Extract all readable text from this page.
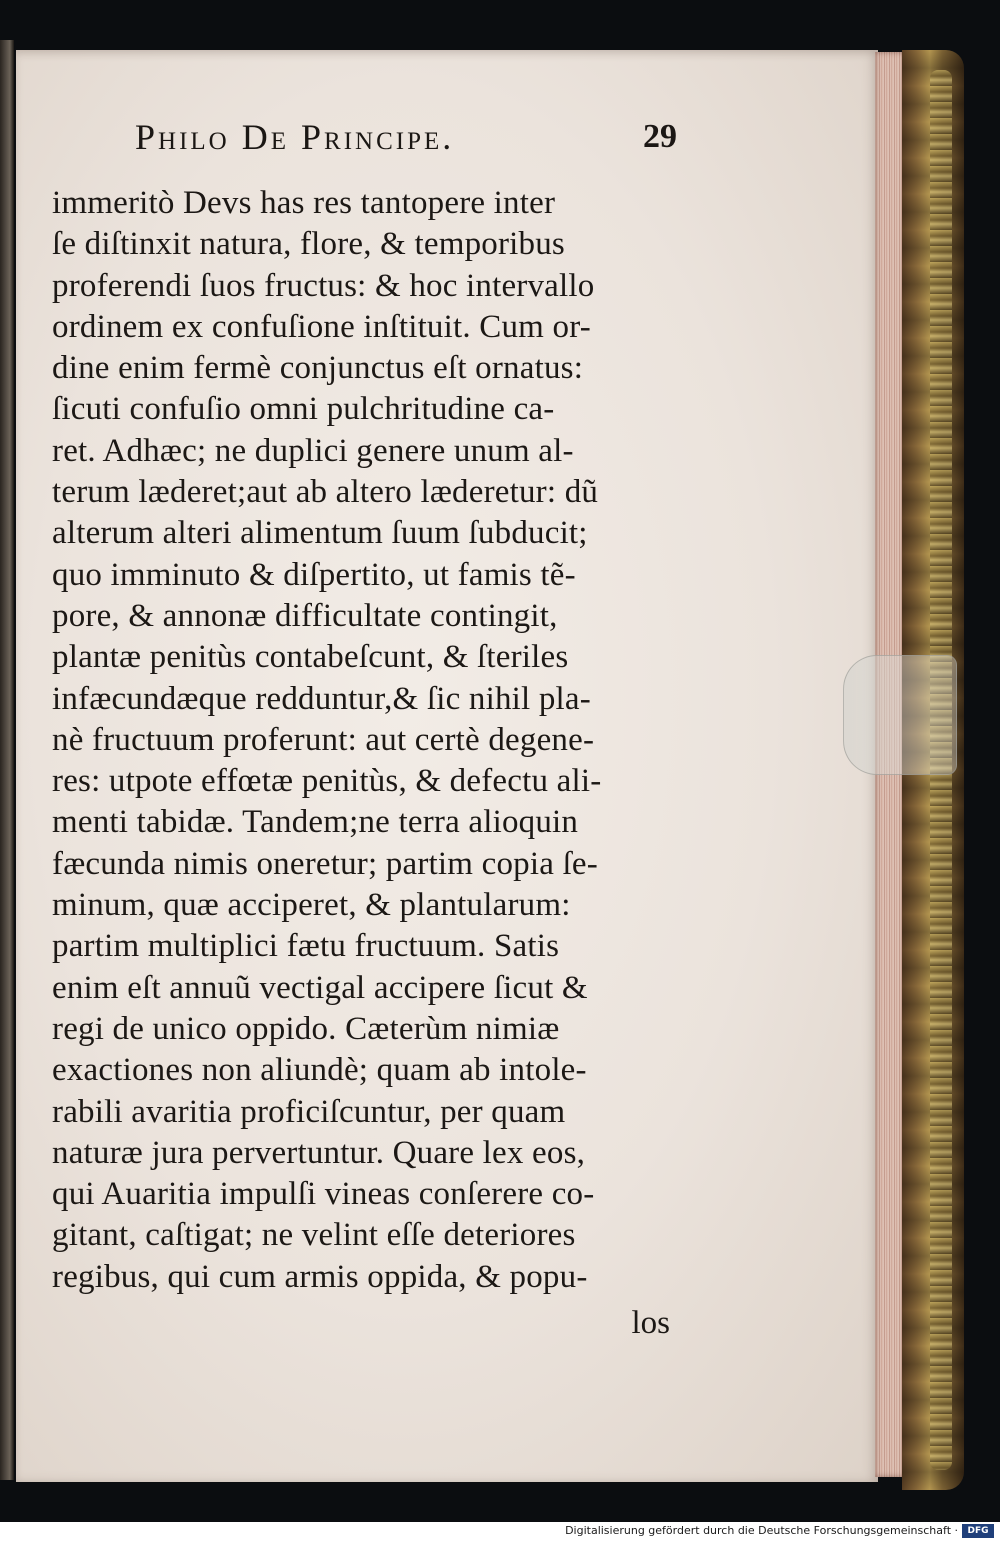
Philo De Principe.	29
immeritò Devs has res tantopere inter
ſe diſtinxit natura, flore, & temporibus
proferendi ſuos fructus: & hoc intervallo
ordinem ex confuſione inſtituit. Cum or-
dine enim fermè conjunctus eſt ornatus:
ſicuti confuſio omni pulchritudine ca-
ret. Adhæc; ne duplici genere unum al-
terum læderet;aut ab altero læderetur: dũ
alterum alteri alimentum ſuum ſubducit;
quo imminuto & diſpertito, ut famis tẽ-
pore, & annonæ difficultate contingit,
plantæ penitùs contabeſcunt, & ſteriles
infæcundæque redduntur,& ſic nihil pla-
nè fructuum proferunt: aut certè degene-
res: utpote effœtæ penitùs, & defectu ali-
menti tabidæ. Tandem;ne terra alioquin
fæcunda nimis oneretur; partim copia ſe-
minum, quæ acciperet, & plantularum:
partim multiplici fætu fructuum. Satis
enim eſt annuũ vectigal accipere ſicut &
regi de unico oppido. Cæterùm nimiæ
exactiones non aliundè; quam ab intole-
rabili avaritia proficiſcuntur, per quam
naturæ jura pervertuntur. Quare lex eos,
qui Auaritia impulſi vineas conſerere co-
gitant, caſtigat; ne velint eſſe deteriores
regibus, qui cum armis oppida, & popu-
los
Digitalisierung gefördert durch die Deutsche Forschungsgemeinschaft ·	DFG
